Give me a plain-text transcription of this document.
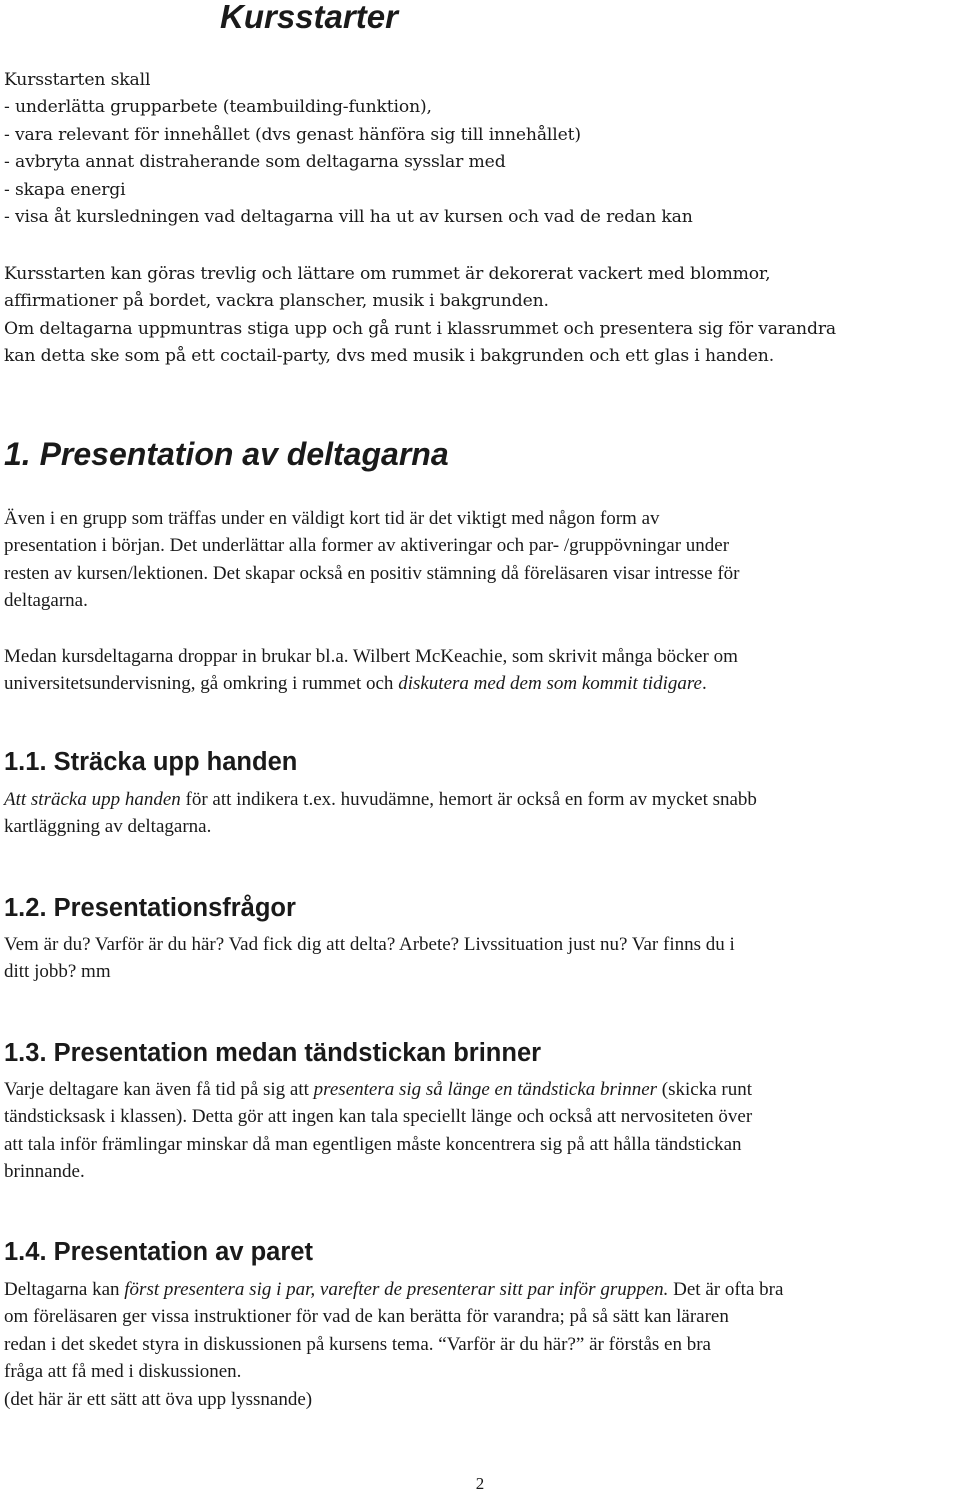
Kursstarter
Kursstarten skall
- underlätta grupparbete (teambuilding-funktion),
- vara relevant för innehållet (dvs genast hänföra sig till innehållet)
- avbryta annat distraherande som deltagarna sysslar med
- skapa energi
- visa åt kursledningen vad deltagarna vill ha ut av kursen och vad de redan kan
Kursstarten kan göras trevlig och lättare om rummet är dekorerat vackert med blommor,
affirmationer på bordet, vackra planscher, musik i bakgrunden.
Om deltagarna uppmuntras stiga upp och gå runt i klassrummet och presentera sig för varandra
kan detta ske som på ett coctail-party, dvs med musik i bakgrunden och ett glas i handen.
1. Presentation av deltagarna
Även i en grupp som träffas under en väldigt kort tid är det viktigt med någon form av
presentation i början. Det underlättar alla former av aktiveringar och par- /gruppövningar under
resten av kursen/lektionen. Det skapar också en positiv stämning då föreläsaren visar intresse för
deltagarna.
Medan kursdeltagarna droppar in brukar bl.a. Wilbert McKeachie, som skrivit många böcker om
universitetsundervisning, gå omkring i rummet och diskutera med dem som kommit tidigare.
1.1. Sträcka upp handen
Att sträcka upp handen för att indikera t.ex. huvudämne, hemort är också en form av mycket snabb
kartläggning av deltagarna.
1.2. Presentationsfrågor
Vem är du? Varför är du här? Vad fick dig att delta? Arbete? Livssituation just nu? Var finns du i
ditt jobb? mm
1.3. Presentation medan tändstickan brinner
Varje deltagare kan även få tid på sig att presentera sig så länge en tändsticka brinner (skicka runt
tändsticksask i klassen). Detta gör att ingen kan tala speciellt länge och också att nervositeten över
att tala inför främlingar minskar då man egentligen måste koncentrera sig på att hålla tändstickan
brinnande.
1.4. Presentation av paret
Deltagarna kan först presentera sig i par, varefter de presenterar sitt par inför gruppen. Det är ofta bra
om föreläsaren ger vissa instruktioner för vad de kan berätta för varandra; på så sätt kan läraren
redan i det skedet styra in diskussionen på kursens tema. “Varför är du här?” är förstås en bra
fråga att få med i diskussionen.
(det här är ett sätt att öva upp lyssnande)
2
